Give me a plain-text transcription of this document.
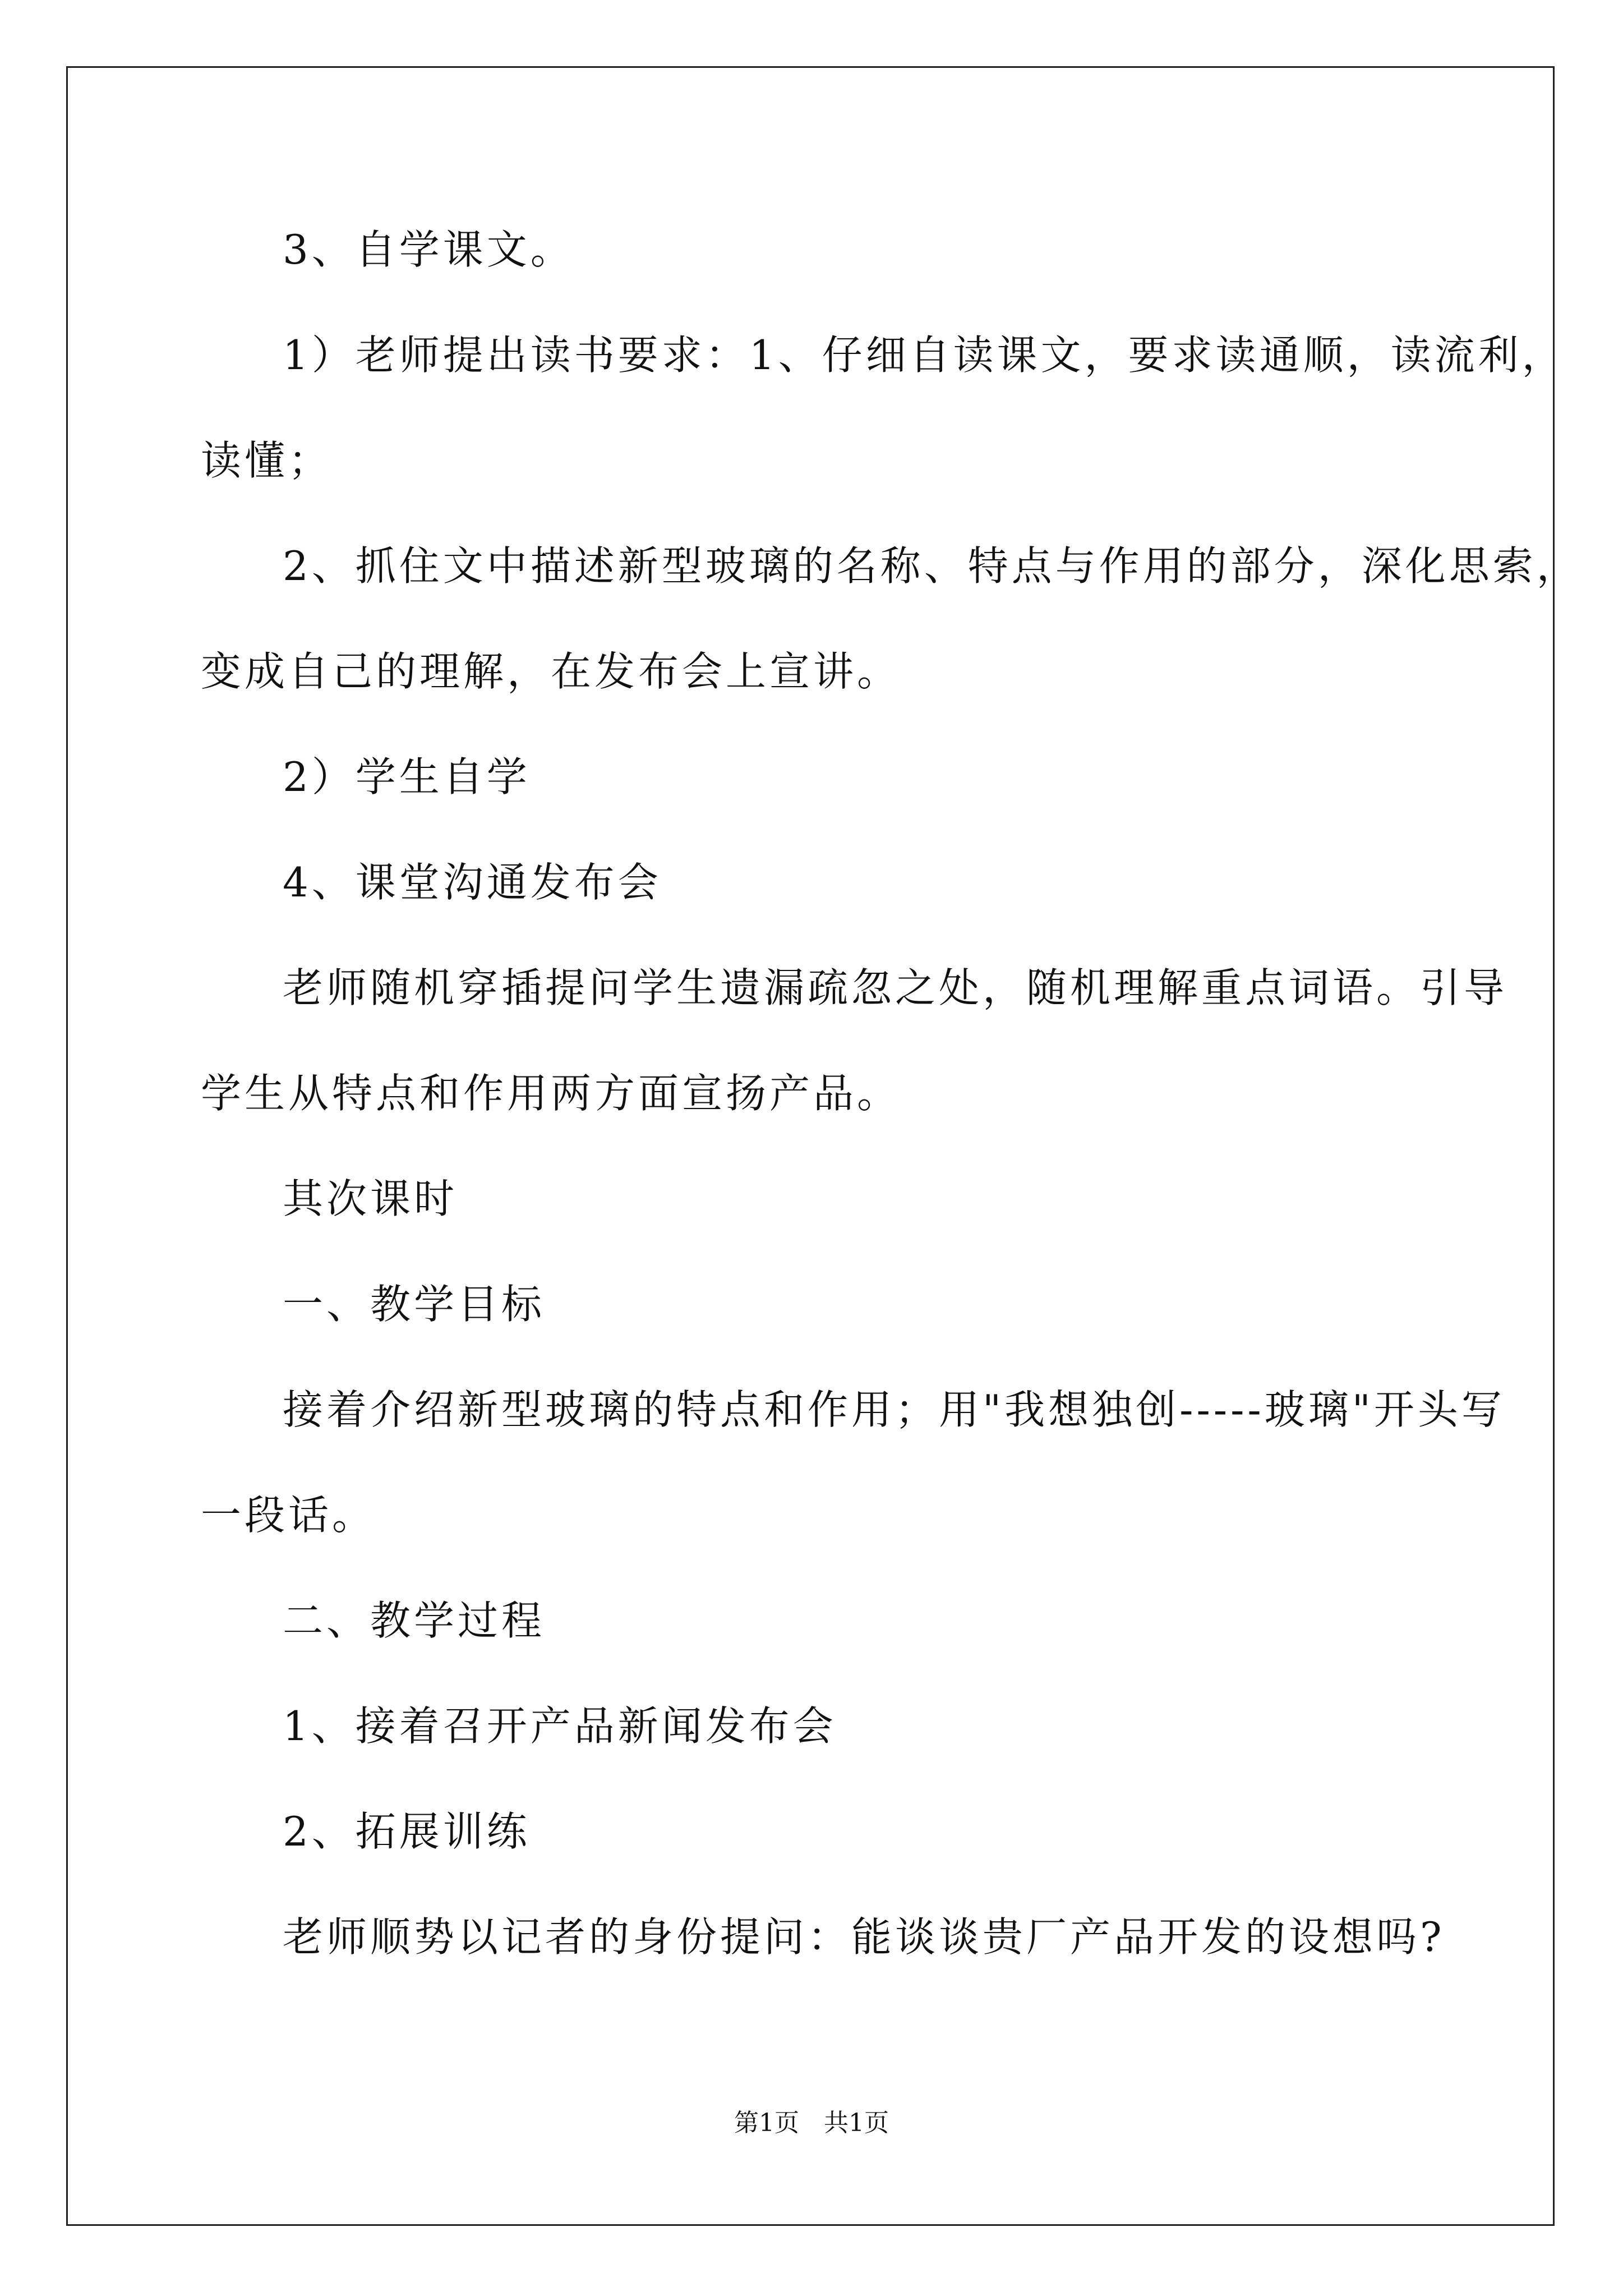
3、自学课文。
1）老师提出读书要求：1、仔细自读课文，要求读通顺，读流利，
读懂；
2、抓住文中描述新型玻璃的名称、特点与作用的部分，深化思索，
变成自己的理解，在发布会上宣讲。
2）学生自学
4、课堂沟通发布会
老师随机穿插提问学生遗漏疏忽之处，随机理解重点词语。引导
学生从特点和作用两方面宣扬产品。
其次课时
一、教学目标
接着介绍新型玻璃的特点和作用；用"我想独创-----玻璃"开头写
一段话。
二、教学过程
1、接着召开产品新闻发布会
2、拓展训练
老师顺势以记者的身份提问：能谈谈贵厂产品开发的设想吗?
第1页　共1页
